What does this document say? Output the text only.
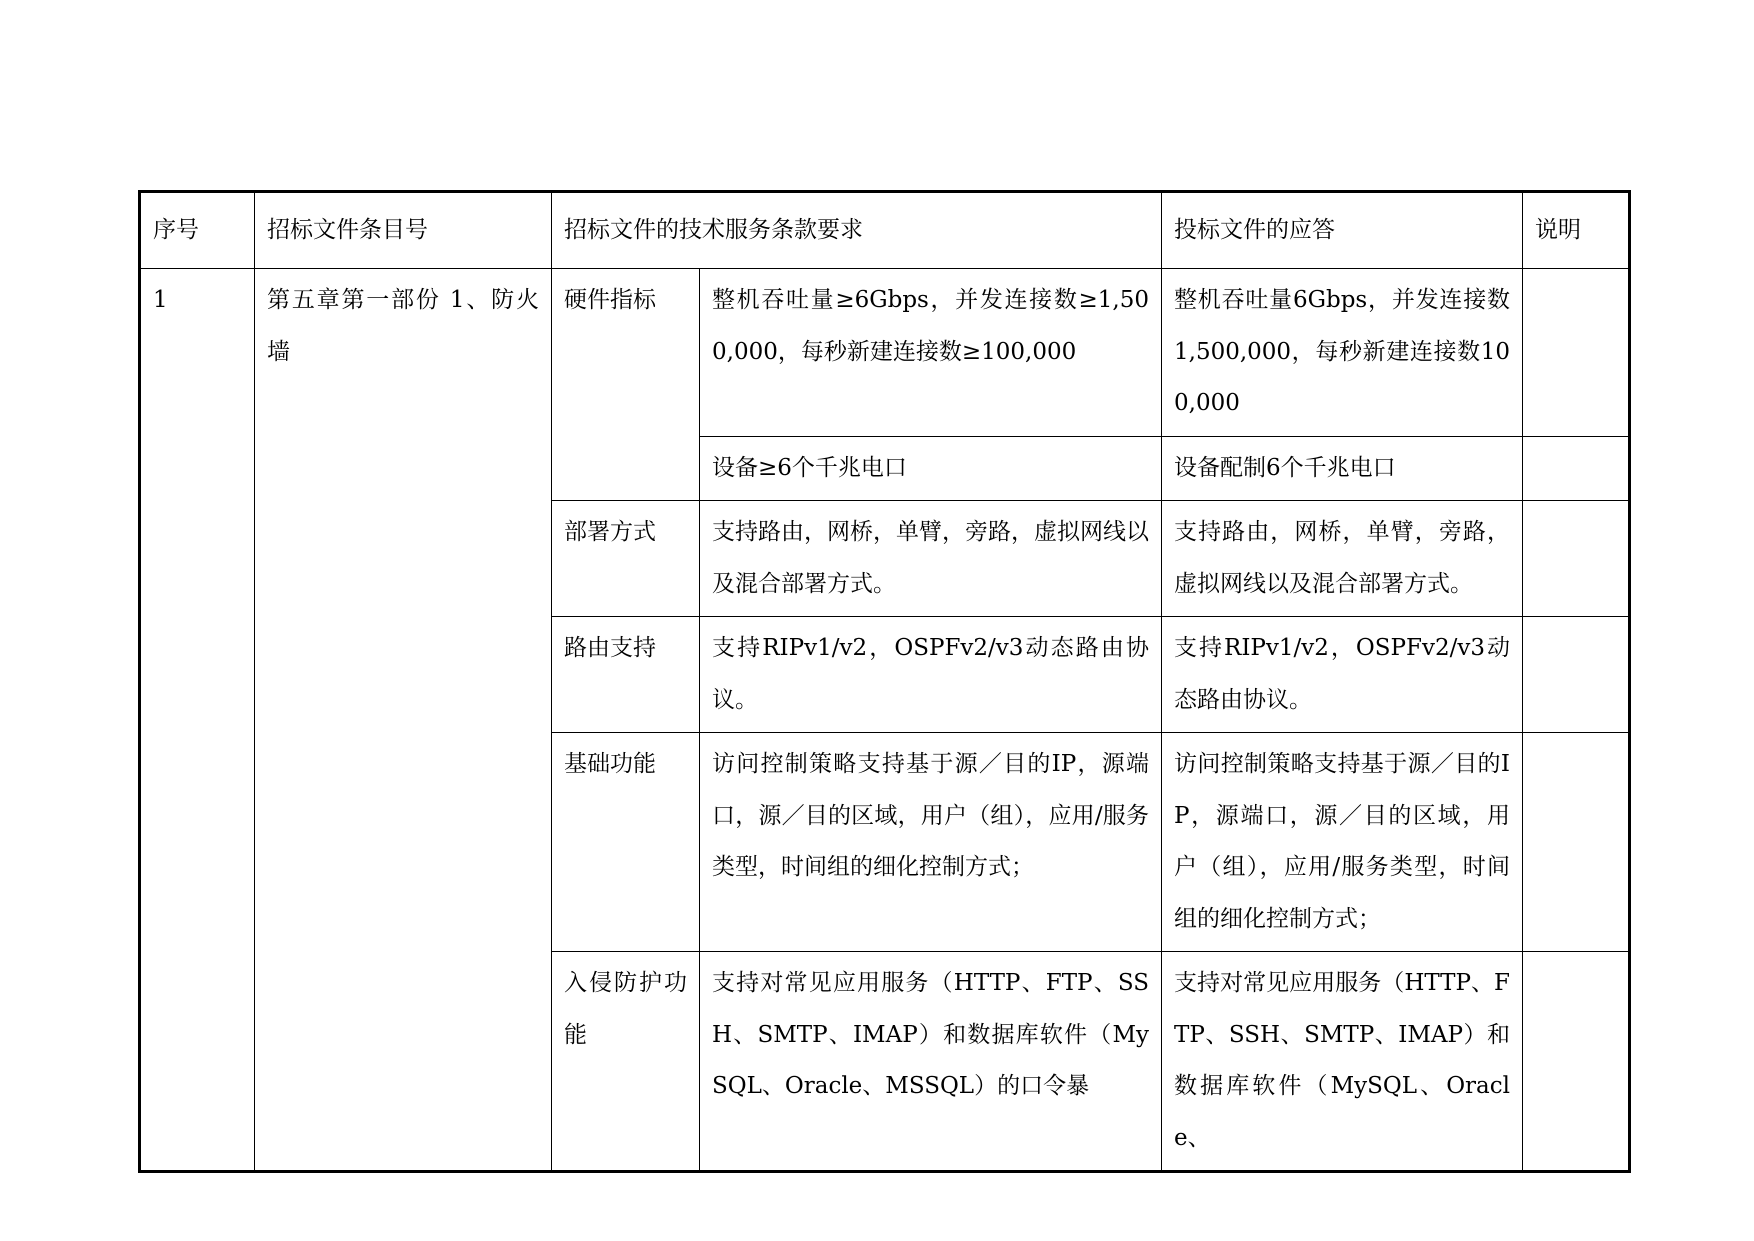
序号	招标文件条目号	招标文件的技术服务条款要求		投标文件的应答	说明
1	第五章第一部份 1、防火墙	硬件指标	整机吞吐量≥6Gbps，并发连接数≥1,500,000，每秒新建连接数≥100,000	整机吞吐量6Gbps，并发连接数1,500,000，每秒新建连接数100,000	
			设备≥6个千兆电口	设备配制6个千兆电口	
		部署方式	支持路由，网桥，单臂，旁路，虚拟网线以及混合部署方式。	支持路由，网桥，单臂，旁路，虚拟网线以及混合部署方式。	
		路由支持	支持RIPv1/v2，OSPFv2/v3动态路由协议。	支持RIPv1/v2，OSPFv2/v3动态路由协议。	
		基础功能	访问控制策略支持基于源／目的IP，源端口，源／目的区域，用户（组），应用/服务类型，时间组的细化控制方式；	访问控制策略支持基于源／目的IP，源端口，源／目的区域，用户（组），应用/服务类型，时间组的细化控制方式；	
		入侵防护功能	支持对常见应用服务（HTTP、FTP、SSH、SMTP、IMAP）和数据库软件（MySQL、Oracle、MSSQL）的口令暴	支持对常见应用服务（HTTP、FTP、SSH、SMTP、IMAP）和数据库软件（MySQL、Oracle、	
